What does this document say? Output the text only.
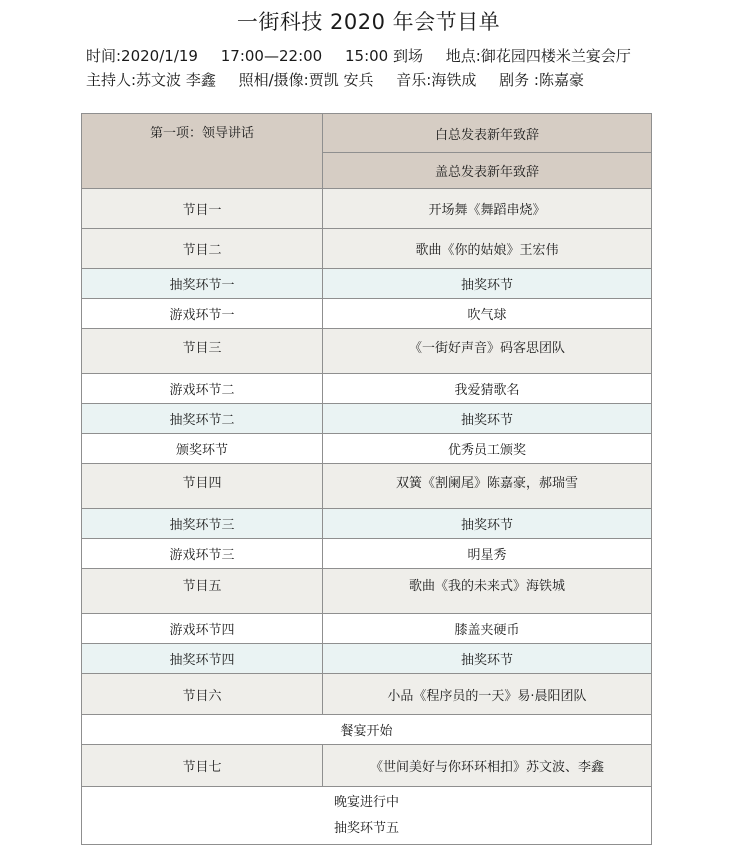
一街科技 2020 年会节目单
时间:2020/1/19 17:00—22:00 15:00 到场 地点:御花园四楼米兰宴会厅
主持人:苏文波 李鑫 照相/摄像:贾凯 安兵 音乐:海铁成 剧务 :陈嘉豪
第一项：领导讲话	白总发表新年致辞
	盖总发表新年致辞
节目一	开场舞《舞蹈串烧》
节目二	歌曲《你的姑娘》王宏伟
抽奖环节一	抽奖环节
游戏环节一	吹气球
节目三	《一街好声音》码客思团队
游戏环节二	我爱猜歌名
抽奖环节二	抽奖环节
颁奖环节	优秀员工颁奖
节目四	双簧《割阑尾》陈嘉豪，郝瑞雪
抽奖环节三	抽奖环节
游戏环节三	明星秀
节目五	歌曲《我的未来式》海铁城
游戏环节四	膝盖夹硬币
抽奖环节四	抽奖环节
节目六	小品《程序员的一天》易·晨阳团队
餐宴开始	
节目七	《世间美好与你环环相扣》苏文波、李鑫

晚宴进行中
抽奖环节五	
